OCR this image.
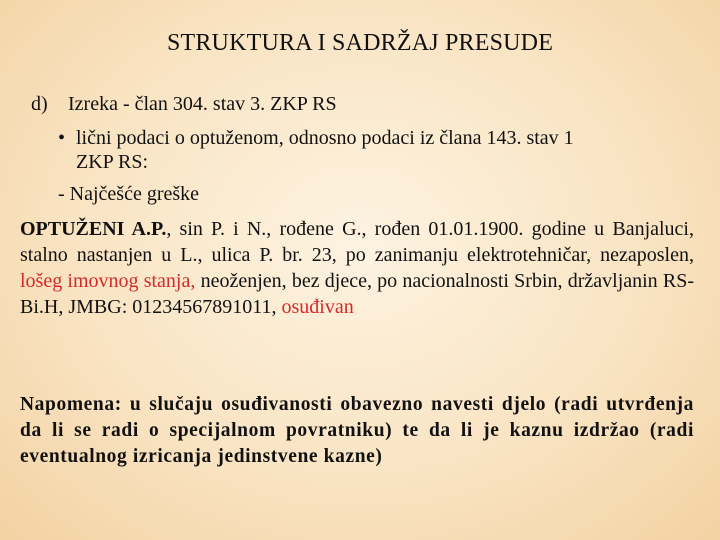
STRUKTURA I SADRŽAJ PRESUDE
d) Izreka - član 304. stav 3. ZKP RS
• lični podaci o optuženom, odnosno podaci iz člana 143. stav 1
ZKP RS:
- Najčešće greške
OPTUŽENI A.P., sin P. i N., rođene G., rođen 01.01.1900. godine u Banjaluci, stalno nastanjen u L., ulica P. br. 23, po zanimanju elektrotehničar, nezaposlen, lošeg imovnog stanja, neoženjen, bez djece, po nacionalnosti Srbin, državljanin RS-Bi.H, JMBG: 01234567891011, osuđivan
Napomena: u slučaju osuđivanosti obavezno navesti djelo (radi utvrđenja da li se radi o specijalnom povratniku) te da li je kaznu izdržao (radi eventualnog izricanja jedinstvene kazne)
